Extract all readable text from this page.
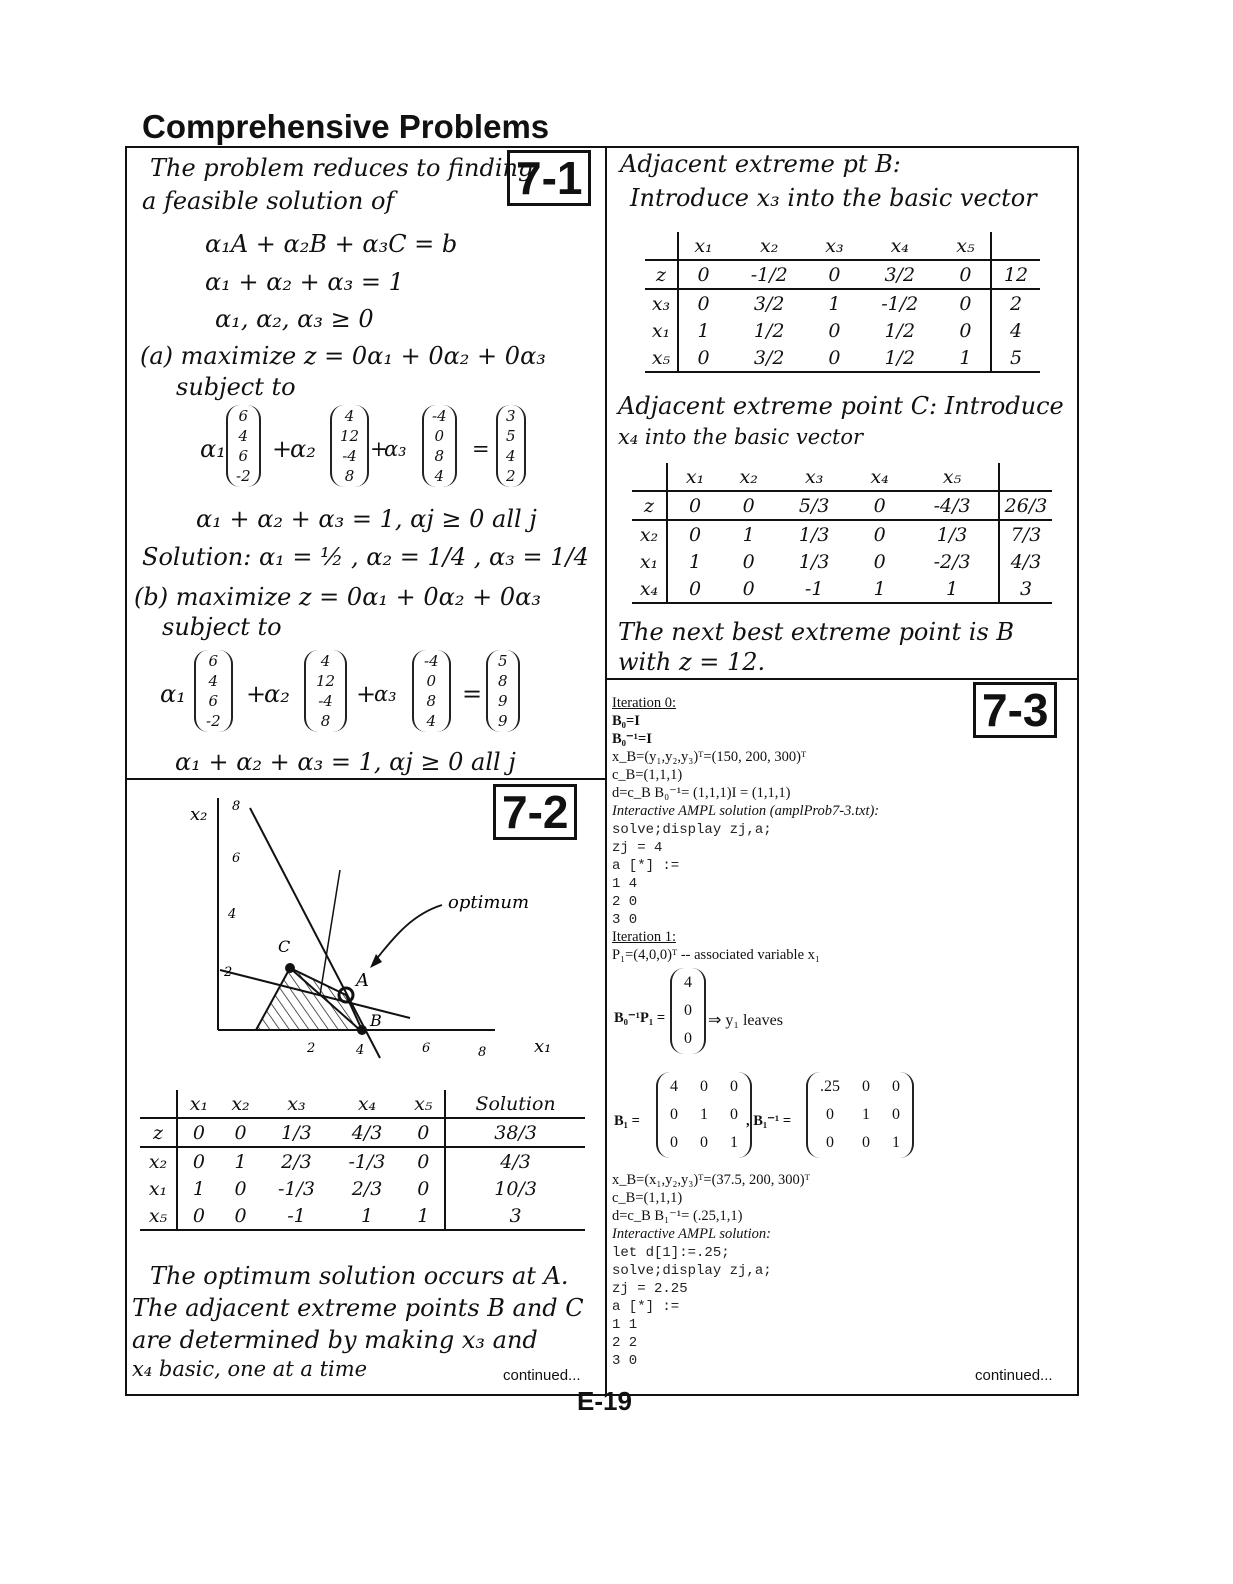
Comprehensive Problems
7-1
The problem reduces to finding
a feasible solution of
α₁A + α₂B + α₃C = b
α₁ + α₂ + α₃ = 1
α₁, α₂, α₃ ≥ 0
(a) maximize z = 0α₁ + 0α₂ + 0α₃
subject to
α₁
6
4
6
-2
+
α₂
4
12
-4
8
+
α₃
-4
0
8
4
=
3
5
4
2
α₁ + α₂ + α₃ = 1, αj ≥ 0 all j
Solution: α₁ = ½ , α₂ = 1/4 , α₃ = 1/4
(b) maximize z = 0α₁ + 0α₂ + 0α₃
subject to
α₁
6
4
6
-2
+
α₂
4
12
-4
8
+
α₃
-4
0
8
4
=
5
8
9
9
α₁ + α₂ + α₃ = 1, αj ≥ 0 all j
7-2
x₂
x₁
8
6
4
2
2	4	6	8
A
B
C
optimum
	x₁	x₂	x₃	x₄	x₅	Solution
z	0	0	1/3	4/3	0	38/3
x₂	0	1	2/3	-1/3	0	4/3
x₁	1	0	-1/3	2/3	0	10/3
x₅	0	0	-1	1	1	3
The optimum solution occurs at A.
The adjacent extreme points B and C
are determined by making x₃ and
x₄ basic, one at a time	continued...
Adjacent extreme pt B:
Introduce x₃ into the basic vector
	x₁	x₂	x₃	x₄	x₅	
z	0	-1/2	0	3/2	0	12
x₃	0	3/2	1	-1/2	0	2
x₁	1	1/2	0	1/2	0	4
x₅	0	3/2	0	1/2	1	5
Adjacent extreme point C: Introduce
x₄ into the basic vector
	x₁	x₂	x₃	x₄	x₅	
z	0	0	5/3	0	-4/3	26/3
x₂	0	1	1/3	0	1/3	7/3
x₁	1	0	1/3	0	-2/3	4/3
x₄	0	0	-1	1	1	3
The next best extreme point is B
with z = 12.
7-3
Iteration 0:
B₀=I
B₀⁻¹=I
x_B=(y₁,y₂,y₃)ᵀ=(150, 200, 300)ᵀ
c_B=(1,1,1)
d=c_B B₀⁻¹= (1,1,1)I = (1,1,1)
Interactive AMPL solution (amplProb7-3.txt):
solve;display zj,a;
zj = 4
a [*] :=
1 4
2 0
3 0
Iteration 1:
P₁=(4,0,0)ᵀ -- associated variable x₁
B₀⁻¹P₁ =
4
0
0
⇒ y₁ leaves
B₁ =
4	0	0
0	1	0
0	0	1
, B₁⁻¹ =
.25	0	0
0	1	0
0	0	1
x_B=(x₁,y₂,y₃)ᵀ=(37.5, 200, 300)ᵀ
c_B=(1,1,1)
d=c_B B₁⁻¹= (.25,1,1)
Interactive AMPL solution:
let d[1]:=.25;
solve;display zj,a;
zj = 2.25
a [*] :=
1 1
2 2
3 0
continued...
E-19
